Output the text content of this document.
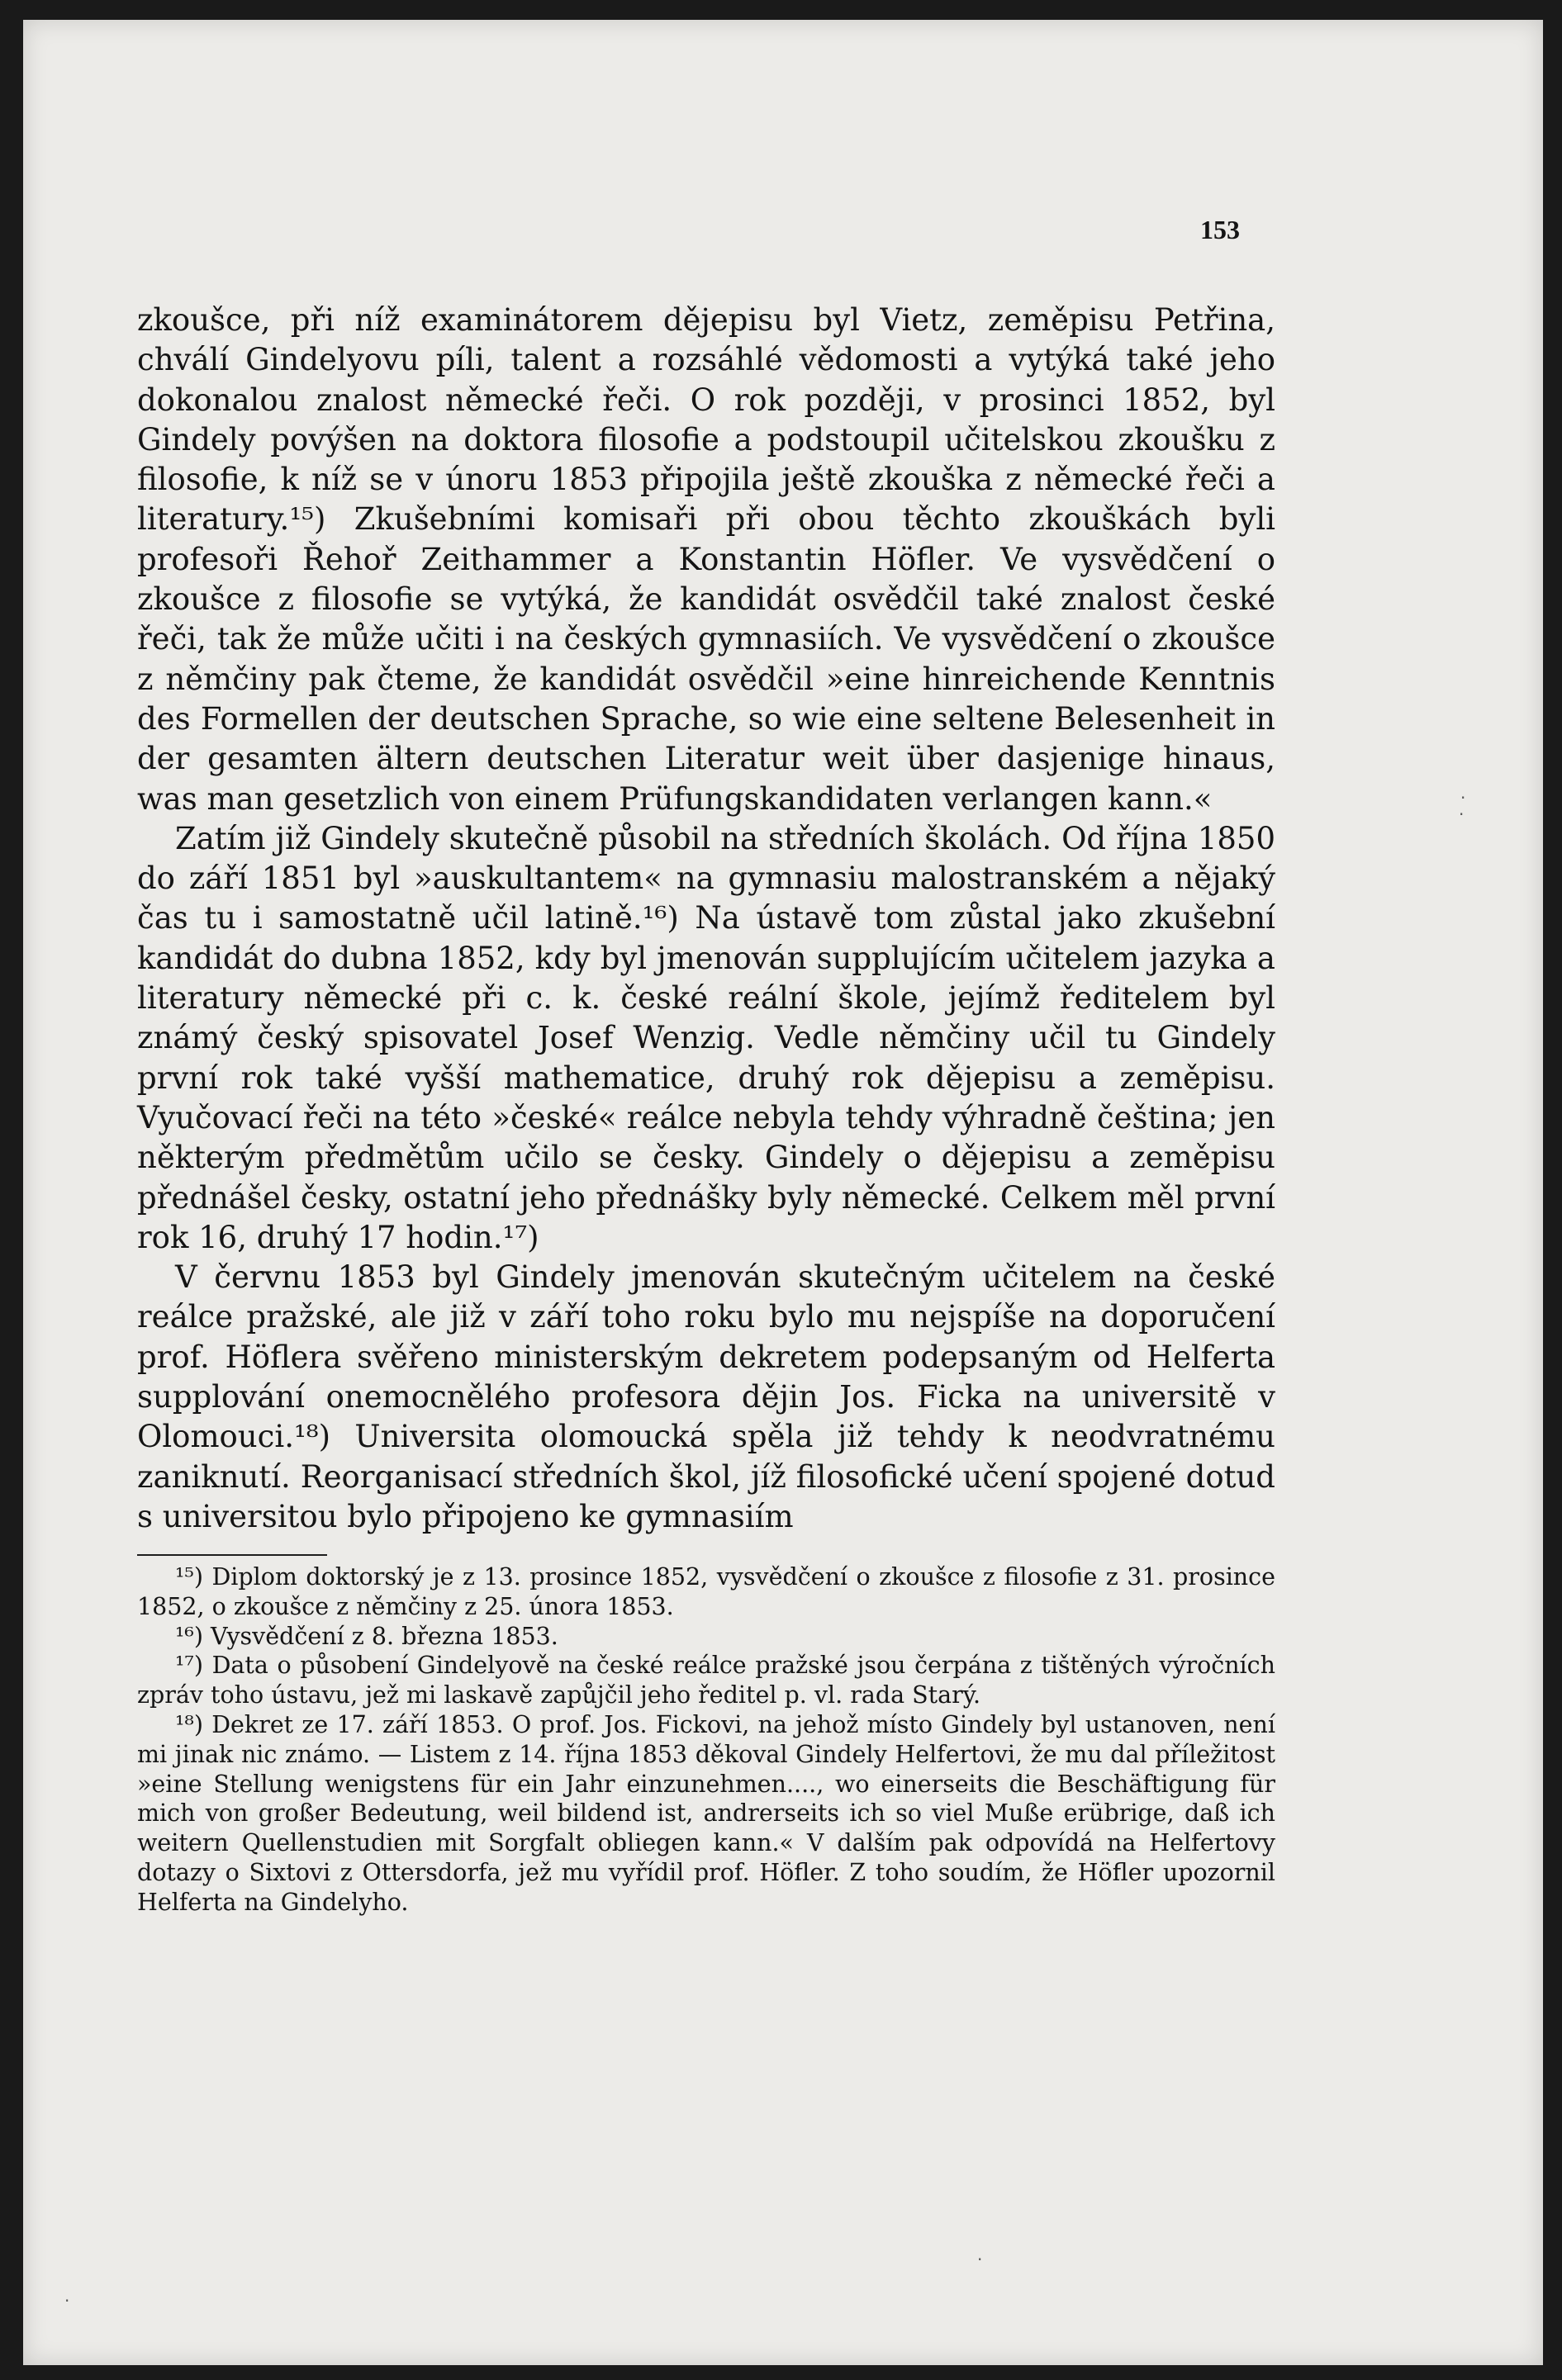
153

zkoušce, při níž examinátorem dějepisu byl Vietz, zeměpisu Petřina, chválí Gindelyovu píli, talent a rozsáhlé vědomosti a vytýká také jeho dokonalou znalost německé řeči. O rok později, v prosinci 1852, byl Gindely povýšen na doktora filosofie a podstoupil učitelskou zkoušku z filosofie, k níž se v únoru 1853 připojila ještě zkouška z německé řeči a literatury.¹⁵) Zkušebními komisaři při obou těchto zkouškách byli profesoři Řehoř Zeithammer a Konstantin Höfler. Ve vysvědčení o zkoušce z filosofie se vytýká, že kandidát osvědčil také znalost české řeči, tak že může učiti i na českých gymnasiích. Ve vysvědčení o zkoušce z němčiny pak čteme, že kandidát osvědčil »eine hinreichende Kenntnis des Formellen der deutschen Sprache, so wie eine seltene Belesenheit in der gesamten ältern deutschen Literatur weit über dasjenige hinaus, was man gesetzlich von einem Prüfungskandidaten verlangen kann.«

Zatím již Gindely skutečně působil na středních školách. Od října 1850 do září 1851 byl »auskultantem« na gymnasiu malostranském a nějaký čas tu i samostatně učil latině.¹⁶) Na ústavě tom zůstal jako zkušební kandidát do dubna 1852, kdy byl jmenován supplujícím učitelem jazyka a literatury německé při c. k. české reální škole, jejímž ředitelem byl známý český spisovatel Josef Wenzig. Vedle němčiny učil tu Gindely první rok také vyšší mathematice, druhý rok dějepisu a zeměpisu. Vyučovací řeči na této »české« reálce nebyla tehdy výhradně čeština; jen některým předmětům učilo se česky. Gindely o dějepisu a zeměpisu přednášel česky, ostatní jeho přednášky byly německé. Celkem měl první rok 16, druhý 17 hodin.¹⁷)

V červnu 1853 byl Gindely jmenován skutečným učitelem na české reálce pražské, ale již v září toho roku bylo mu nejspíše na doporučení prof. Höflera svěřeno ministerským dekretem podepsaným od Helferta supplování onemocnělého profesora dějin Jos. Ficka na universitě v Olomouci.¹⁸) Universita olomoucká spěla již tehdy k neodvratnému zaniknutí. Reorganisací středních škol, jíž filosofické učení spojené dotud s universitou bylo připojeno ke gymnasiím

¹⁵) Diplom doktorský je z 13. prosince 1852, vysvědčení o zkoušce z filosofie z 31. prosince 1852, o zkoušce z němčiny z 25. února 1853.

¹⁶) Vysvědčení z 8. března 1853.

¹⁷) Data o působení Gindelyově na české reálce pražské jsou čerpána z tištěných výročních zpráv toho ústavu, jež mi laskavě zapůjčil jeho ředitel p. vl. rada Starý.

¹⁸) Dekret ze 17. září 1853. O prof. Jos. Fickovi, na jehož místo Gindely byl ustanoven, není mi jinak nic známo. — Listem z 14. října 1853 děkoval Gindely Helfertovi, že mu dal příležitost »eine Stellung wenigstens für ein Jahr einzunehmen...., wo einerseits die Beschäftigung für mich von großer Bedeutung, weil bildend ist, andrerseits ich so viel Muße erübrige, daß ich weitern Quellenstudien mit Sorgfalt obliegen kann.« V dalším pak odpovídá na Helfertovy dotazy o Sixtovi z Ottersdorfa, jež mu vyřídil prof. Höfler. Z toho soudím, že Höfler upozornil Helferta na Gindelyho.

·
·
·
·
